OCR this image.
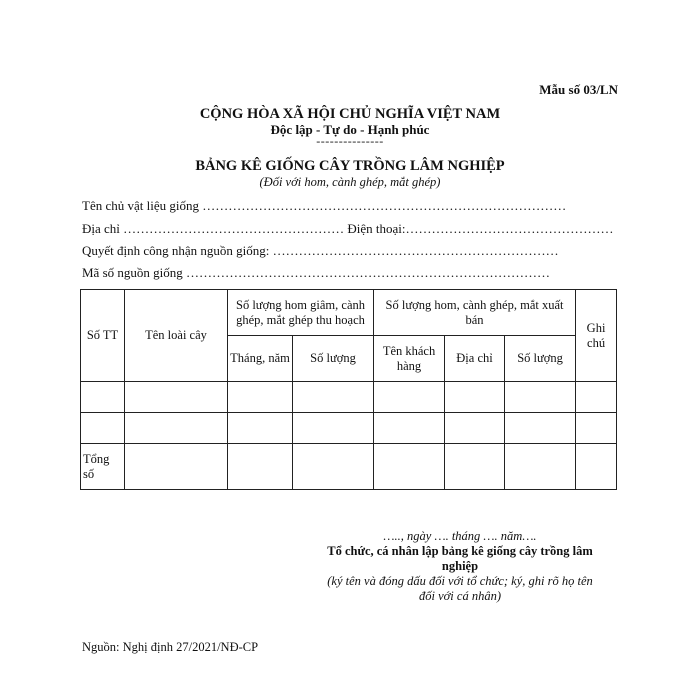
Mẫu số 03/LN
CỘNG HÒA XÃ HỘI CHỦ NGHĨA VIỆT NAM
Độc lập - Tự do - Hạnh phúc
---------------
BẢNG KÊ GIỐNG CÂY TRỒNG LÂM NGHIỆP
(Đối với hom, cành ghép, mắt ghép)
Tên chủ vật liệu giống …………………………………………………………………………
Địa chỉ …………………………………………… Điện thoại:…………………………………………
Quyết định công nhận nguồn giống: …………………………………………………………
Mã số nguồn giống …………………………………………………………………………
Số TT	Tên loài cây	Số lượng hom giâm, cành ghép, mắt ghép thu hoạch		Số lượng hom, cành ghép, mắt xuất bán			Ghi chú
		Tháng, năm	Số lượng	Tên khách hàng	Địa chỉ	Số lượng	

Tổng số							
….., ngày …. tháng …. năm….
Tổ chức, cá nhân lập bảng kê giống cây trồng lâm nghiệp
(ký tên và đóng dấu đối với tổ chức; ký, ghi rõ họ tên đối với cá nhân)
Nguồn: Nghị định 27/2021/NĐ-CP
